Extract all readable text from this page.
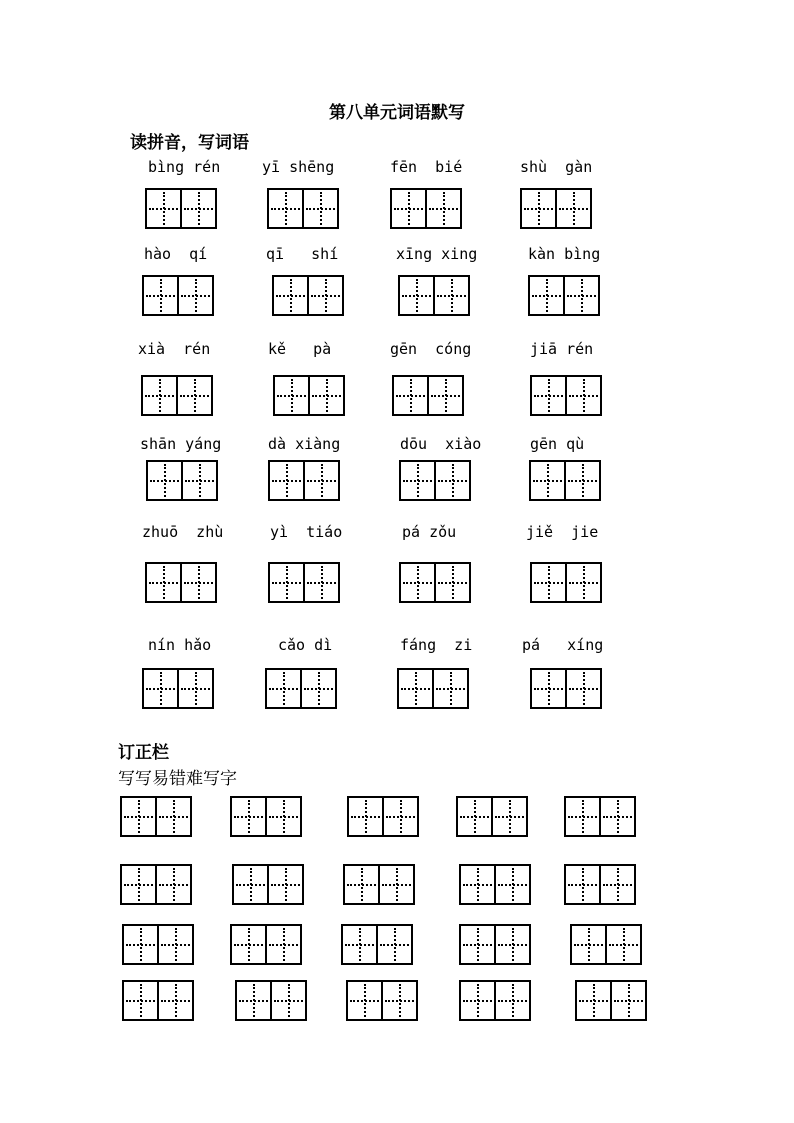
第八单元词语默写
读拼音，写词语
bìng rén	yī shēng	fēn  bié	shù  gàn
hào  qí	qī   shí	xīng xing	kàn bìng
xià  rén	kě   pà	gēn  cóng	jiā rén
shān yáng	dà xiàng	dōu  xiào	gēn qù
zhuō  zhù	yì  tiáo	pá zǒu	jiě  jie
nín hǎo	cǎo dì	fáng  zi	pá   xíng
订正栏
写写易错难写字
